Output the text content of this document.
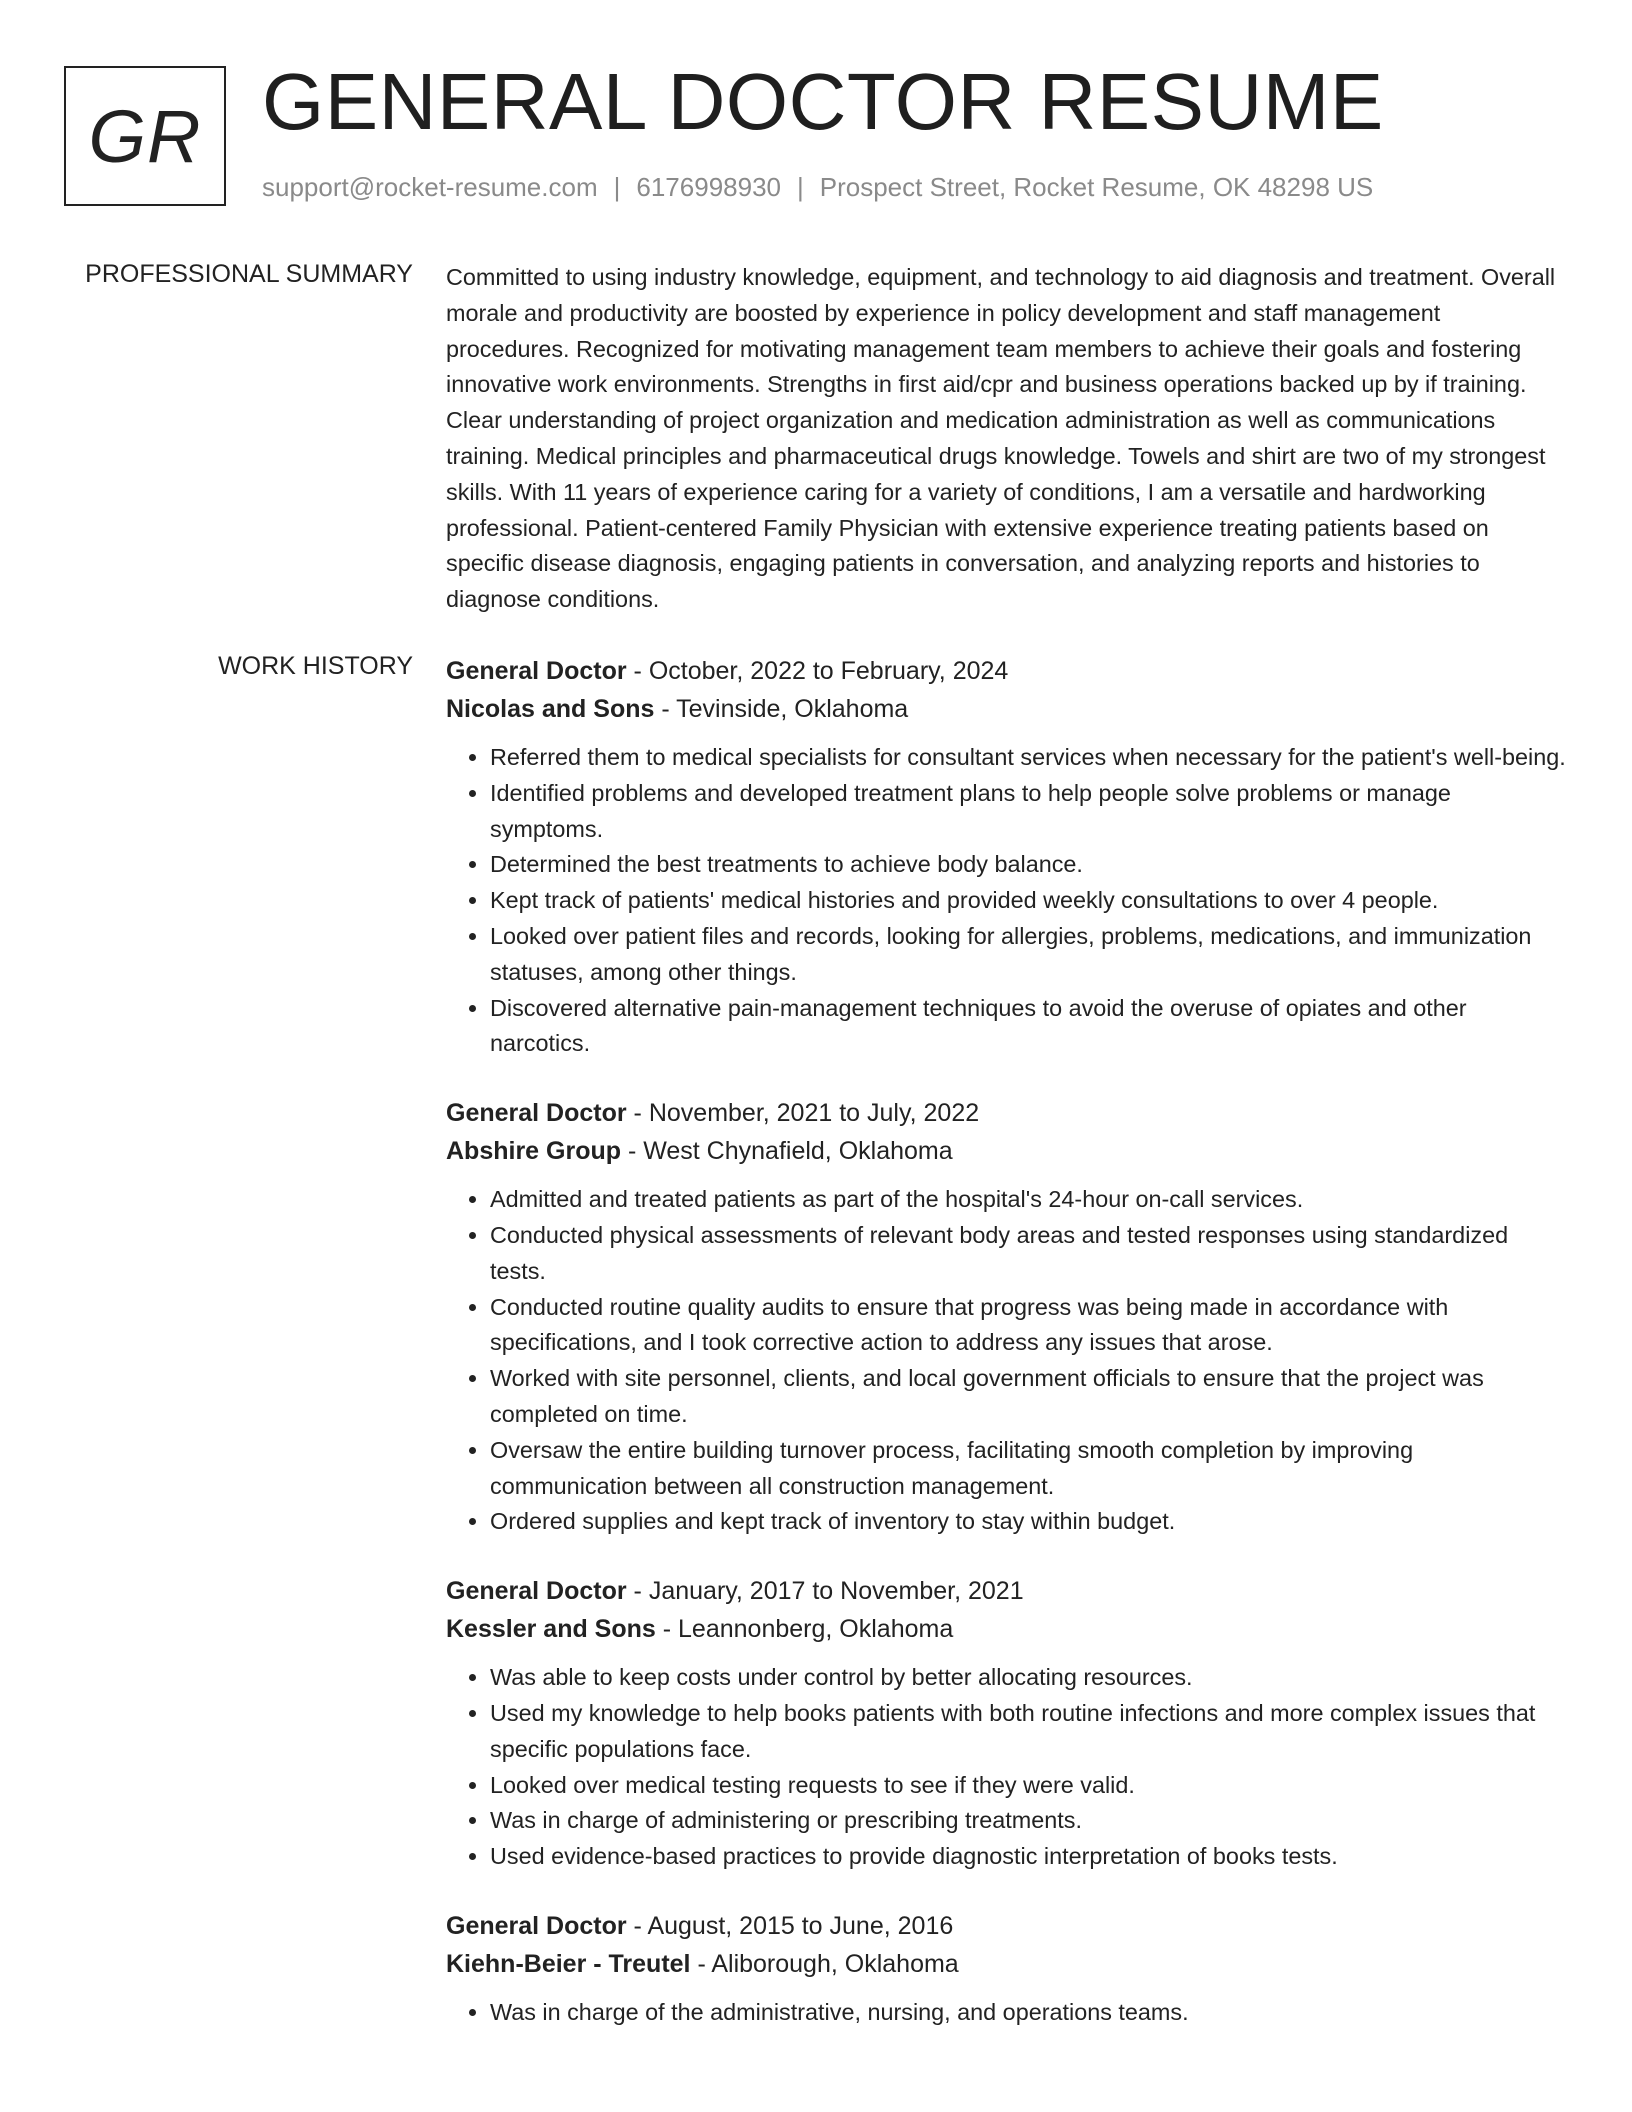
GR GENERAL DOCTOR RESUME
support@rocket-resume.com | 6176998930 | Prospect Street, Rocket Resume, OK 48298 US
PROFESSIONAL SUMMARY Committed to using industry knowledge, equipment, and technology to aid diagnosis and treatment. Overall morale and productivity are boosted by experience in policy development and staff management procedures. Recognized for motivating management team members to achieve their goals and fostering innovative work environments. Strengths in first aid/cpr and business operations backed up by if training. Clear understanding of project organization and medication administration as well as communications training. Medical principles and pharmaceutical drugs knowledge. Towels and shirt are two of my strongest skills. With 11 years of experience caring for a variety of conditions, I am a versatile and hardworking professional. Patient-centered Family Physician with extensive experience treating patients based on specific disease diagnosis, engaging patients in conversation, and analyzing reports and histories to diagnose conditions.

WORK HISTORY General Doctor - October, 2022 to February, 2024
Nicolas and Sons - Tevinside, Oklahoma
• Referred them to medical specialists for consultant services when necessary for the patient's well-being.
• Identified problems and developed treatment plans to help people solve problems or manage symptoms.
• Determined the best treatments to achieve body balance.
• Kept track of patients' medical histories and provided weekly consultations to over 4 people.
• Looked over patient files and records, looking for allergies, problems, medications, and immunization statuses, among other things.
• Discovered alternative pain-management techniques to avoid the overuse of opiates and other narcotics.
General Doctor - November, 2021 to July, 2022
Abshire Group - West Chynafield, Oklahoma
• Admitted and treated patients as part of the hospital's 24-hour on-call services.
• Conducted physical assessments of relevant body areas and tested responses using standardized tests.
• Conducted routine quality audits to ensure that progress was being made in accordance with specifications, and I took corrective action to address any issues that arose.
• Worked with site personnel, clients, and local government officials to ensure that the project was completed on time.
• Oversaw the entire building turnover process, facilitating smooth completion by improving communication between all construction management.
• Ordered supplies and kept track of inventory to stay within budget.
General Doctor - January, 2017 to November, 2021
Kessler and Sons - Leannonberg, Oklahoma
• Was able to keep costs under control by better allocating resources.
• Used my knowledge to help books patients with both routine infections and more complex issues that specific populations face.
• Looked over medical testing requests to see if they were valid.
• Was in charge of administering or prescribing treatments.
• Used evidence-based practices to provide diagnostic interpretation of books tests.
General Doctor - August, 2015 to June, 2016
Kiehn-Beier - Treutel - Aliborough, Oklahoma
• Was in charge of the administrative, nursing, and operations teams.
